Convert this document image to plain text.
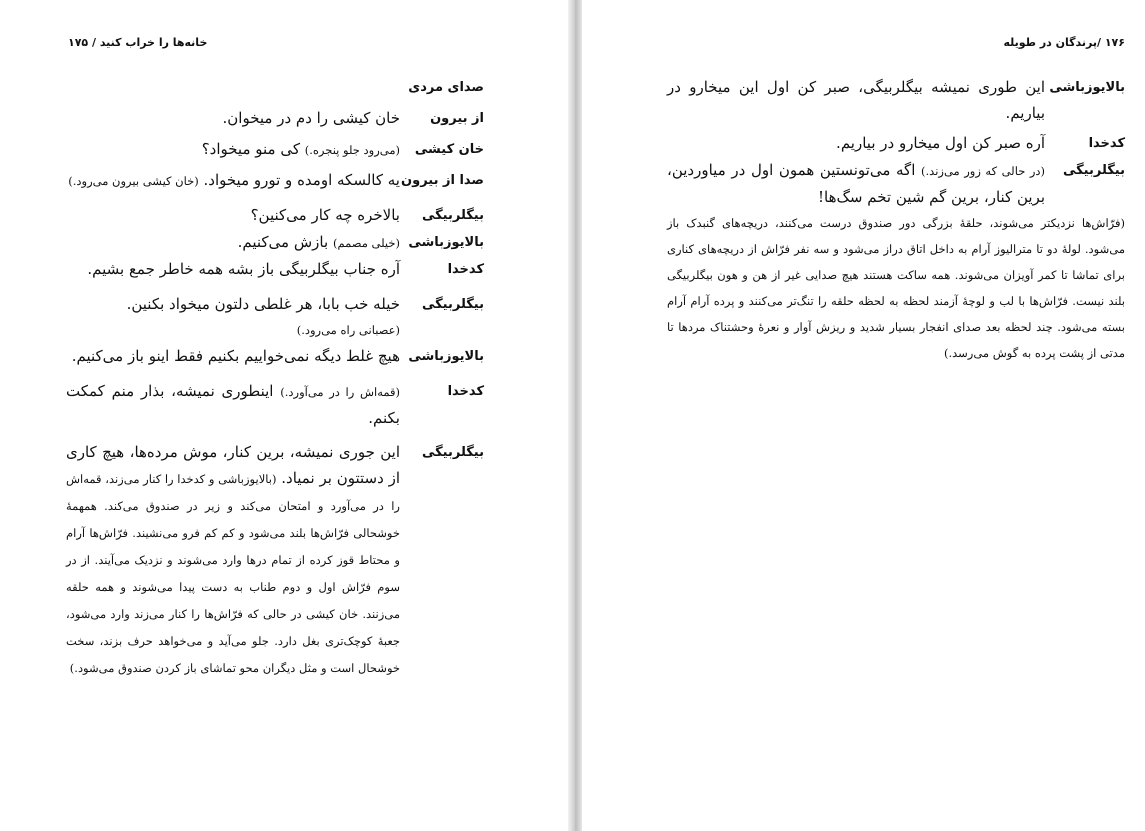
خانه‌ها را خراب کنید / ۱۷۵
صدای مردی
از بیرون
خان کیشی را دم در میخوان.
خان کیشی
(می‌رود جلو پنجره.) کی منو میخواد؟
صدا از بیرون
یه کالسکه اومده و تورو میخواد. (خان کیشی بیرون می‌رود.)
بیگلربیگی
بالاخره چه کار می‌کنین؟
بالایوزباشی
(خیلی مصمم) بازش می‌کنیم.
کدخدا
آره جناب بیگلربیگی باز بشه همه خاطر جمع بشیم.
بیگلربیگی
خیله خب بابا، هر غلطی دلتون میخواد بکنین.
(عصبانی راه می‌رود.)
بالایوزباشی
هیچ غلط دیگه نمی‌خواییم بکنیم فقط اینو باز می‌کنیم.
کدخدا
(قمه‌اش را در می‌آورد.) اینطوری نمیشه، بذار منم کمکت بکنم.
بیگلربیگی
این جوری نمیشه، برین کنار، موش مرده‌ها، هیچ کاری از دستتون بر نمیاد. (بالایوزباشی و کدخدا را کنار می‌زند، قمه‌اش را در می‌آورد و امتحان می‌کند و زیر در صندوق می‌کند. همهمهٔ خوشحالی فرّاش‌ها بلند می‌شود و کم کم فرو می‌نشیند. فرّاش‌ها آرام و محتاط قوز کرده از تمام درها وارد می‌شوند و نزدیک می‌آیند. از در سوم فرّاش اول و دوم طناب به دست پیدا می‌شوند و همه حلقه می‌زنند. خان کیشی در حالی که فرّاش‌ها را کنار می‌زند وارد می‌شود، جعبهٔ کوچک‌تری بغل دارد. جلو می‌آید و می‌خواهد حرف بزند، سخت خوشحال است و مثل دیگران محو تماشای باز کردن صندوق می‌شود.)
۱۷۶ /پرندگان در طویله
بالایوزباشی
این طوری نمیشه بیگلربیگی، صبر کن اول این میخارو در بیاریم.
کدخدا
آره صبر کن اول میخارو در بیاریم.
بیگلربیگی
(در حالی که زور می‌زند.) اگه می‌تونستین همون اول در میاوردین، برین کنار، برین گم شین تخم سگ‌ها!
(فرّاش‌ها نزدیکتر می‌شوند، حلقهٔ بزرگی دور صندوق درست می‌کنند، دریچه‌های گنبدک باز می‌شود. لولهٔ دو تا مترالیوز آرام به داخل اتاق دراز می‌شود و سه نفر فرّاش از دریچه‌های کناری برای تماشا تا کمر آویزان می‌شوند. همه ساکت هستند هیچ صدایی غیر از هن و هون بیگلربیگی بلند نیست. فرّاش‌ها با لب و لوچهٔ آزمند لحظه به لحظه حلقه را تنگ‌تر می‌کنند و پرده آرام آرام بسته می‌شود. چند لحظه بعد صدای انفجار بسیار شدید و ریزش آوار و نعرهٔ وحشتناک مردها تا مدتی از پشت پرده به گوش می‌رسد.)
